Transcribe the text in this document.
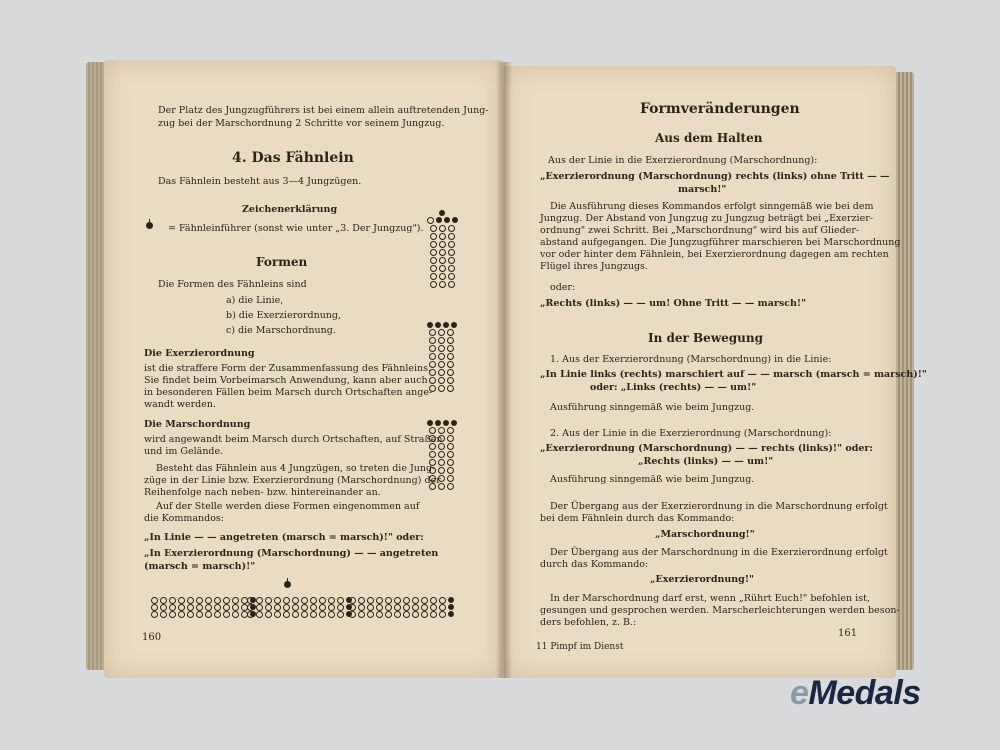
Der Platz des Jungzugführers ist bei einem allein auftretenden Jung-
zug bei der Marschordnung 2 Schritte vor seinem Jungzug.
4. Das Fähnlein
Das Fähnlein besteht aus 3—4 Jungzügen.
Zeichenerklärung
= Fähnleinführer (sonst wie unter „3. Der Jungzug").
Formen
Die Formen des Fähnleins sind
a) die Linie,
b) die Exerzierordnung,
c) die Marschordnung.
Die Exerzierordnung
ist die straffere Form der Zusammenfassung des Fähnleins.
Sie findet beim Vorbeimarsch Anwendung, kann aber auch
in besonderen Fällen beim Marsch durch Ortschaften ange-
wandt werden.
Die Marschordnung
wird angewandt beim Marsch durch Ortschaften, auf Straßen
und im Gelände.
Besteht das Fähnlein aus 4 Jungzügen, so treten die Jung-
züge in der Linie bzw. Exerzierordnung (Marschordnung) der
Reihenfolge nach neben- bzw. hintereinander an.
Auf der Stelle werden diese Formen eingenommen auf
die Kommandos:
„In Linie — — angetreten (marsch = marsch)!" oder:
„In Exerzierordnung (Marschordnung) — — angetreten
(marsch = marsch)!"
160
Formveränderungen
Aus dem Halten
Aus der Linie in die Exerzierordnung (Marschordnung):
„Exerzierordnung (Marschordnung) rechts (links) ohne Tritt — —
marsch!"
Die Ausführung dieses Kommandos erfolgt sinngemäß wie bei dem
Jungzug. Der Abstand von Jungzug zu Jungzug beträgt bei „Exerzier-
ordnung" zwei Schritt. Bei „Marschordnung" wird bis auf Glieder-
abstand aufgegangen. Die Jungzugführer marschieren bei Marschordnung
vor oder hinter dem Fähnlein, bei Exerzierordnung dagegen am rechten
Flügel ihres Jungzugs.
oder:
„Rechts (links) — — um! Ohne Tritt — — marsch!"
In der Bewegung
1. Aus der Exerzierordnung (Marschordnung) in die Linie:
„In Linie links (rechts) marschiert auf — — marsch (marsch = marsch)!"
oder: „Links (rechts) — — um!"
Ausführung sinngemäß wie beim Jungzug.
2. Aus der Linie in die Exerzierordnung (Marschordnung):
„Exerzierordnung (Marschordnung) — — rechts (links)!" oder:
„Rechts (links) — — um!"
Ausführung sinngemäß wie beim Jungzug.
Der Übergang aus der Exerzierordnung in die Marschordnung erfolgt
bei dem Fähnlein durch das Kommando:
„Marschordnung!"
Der Übergang aus der Marschordnung in die Exerzierordnung erfolgt
durch das Kommando:
„Exerzierordnung!"
In der Marschordnung darf erst, wenn „Rührt Euch!" befohlen ist,
gesungen und gesprochen werden. Marscherleichterungen werden beson-
ders befohlen, z. B.:
11 Pimpf im Dienst
161
eMedals
